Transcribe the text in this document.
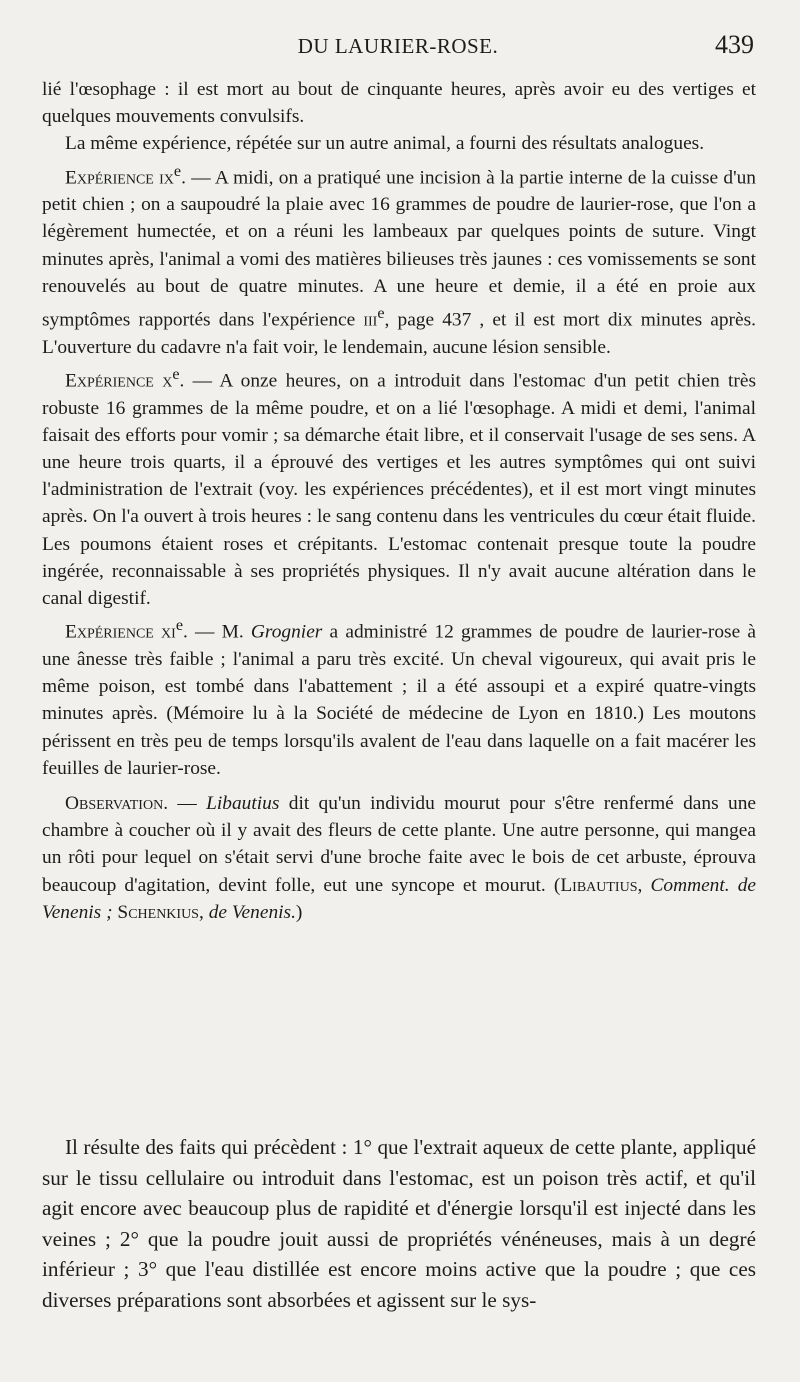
DU LAURIER-ROSE.	439

lié l'œsophage : il est mort au bout de cinquante heures, après avoir eu des vertiges et quelques mouvements convulsifs.

La même expérience, répétée sur un autre animal, a fourni des résultats analogues.

Expérience $ix^e$. — A midi, on a pratiqué une incision à la partie interne de la cuisse d'un petit chien ; on a saupoudré la plaie avec 16 grammes de poudre de laurier-rose, que l'on a légèrement humectée, et on a réuni les lambeaux par quelques points de suture. Vingt minutes après, l'animal a vomi des matières bilieuses très jaunes : ces vomissements se sont renouvelés au bout de quatre minutes. A une heure et demie, il a été en proie aux symptômes rapportés dans l'expérience iii$^e$, page 437 , et il est mort dix minutes après. L'ouverture du cadavre n'a fait voir, le lendemain, aucune lésion sensible.

Expérience $x^e$. — A onze heures, on a introduit dans l'estomac d'un petit chien très robuste 16 grammes de la même poudre, et on a lié l'œsophage. A midi et demi, l'animal faisait des efforts pour vomir ; sa démarche était libre, et il conservait l'usage de ses sens. A une heure trois quarts, il a éprouvé des vertiges et les autres symptômes qui ont suivi l'administration de l'extrait (voy. les expériences précédentes), et il est mort vingt minutes après. On l'a ouvert à trois heures : le sang contenu dans les ventricules du cœur était fluide. Les poumons étaient roses et crépitants. L'estomac contenait presque toute la poudre ingérée, reconnaissable à ses propriétés physiques. Il n'y avait aucune altération dans le canal digestif.

Expérience $xi^e$. — M. Grognier a administré 12 grammes de poudre de laurier-rose à une ânesse très faible ; l'animal a paru très excité. Un cheval vigoureux, qui avait pris le même poison, est tombé dans l'abattement ; il a été assoupi et a expiré quatre-vingts minutes après. (Mémoire lu à la Société de médecine de Lyon en 1810.) Les moutons périssent en très peu de temps lorsqu'ils avalent de l'eau dans laquelle on a fait macérer les feuilles de laurier-rose.

Observation. — Libautius dit qu'un individu mourut pour s'être renfermé dans une chambre à coucher où il y avait des fleurs de cette plante. Une autre personne, qui mangea un rôti pour lequel on s'était servi d'une broche faite avec le bois de cet arbuste, éprouva beaucoup d'agitation, devint folle, eut une syncope et mourut. (Libautius, Comment. de Venenis ; Schenkius, de Venenis.)

Il résulte des faits qui précèdent : 1° que l'extrait aqueux de cette plante, appliqué sur le tissu cellulaire ou introduit dans l'estomac, est un poison très actif, et qu'il agit encore avec beaucoup plus de rapidité et d'énergie lorsqu'il est injecté dans les veines ; 2° que la poudre jouit aussi de propriétés vénéneuses, mais à un degré inférieur ; 3° que l'eau distillée est encore moins active que la poudre ; que ces diverses préparations sont absorbées et agissent sur le sys-
